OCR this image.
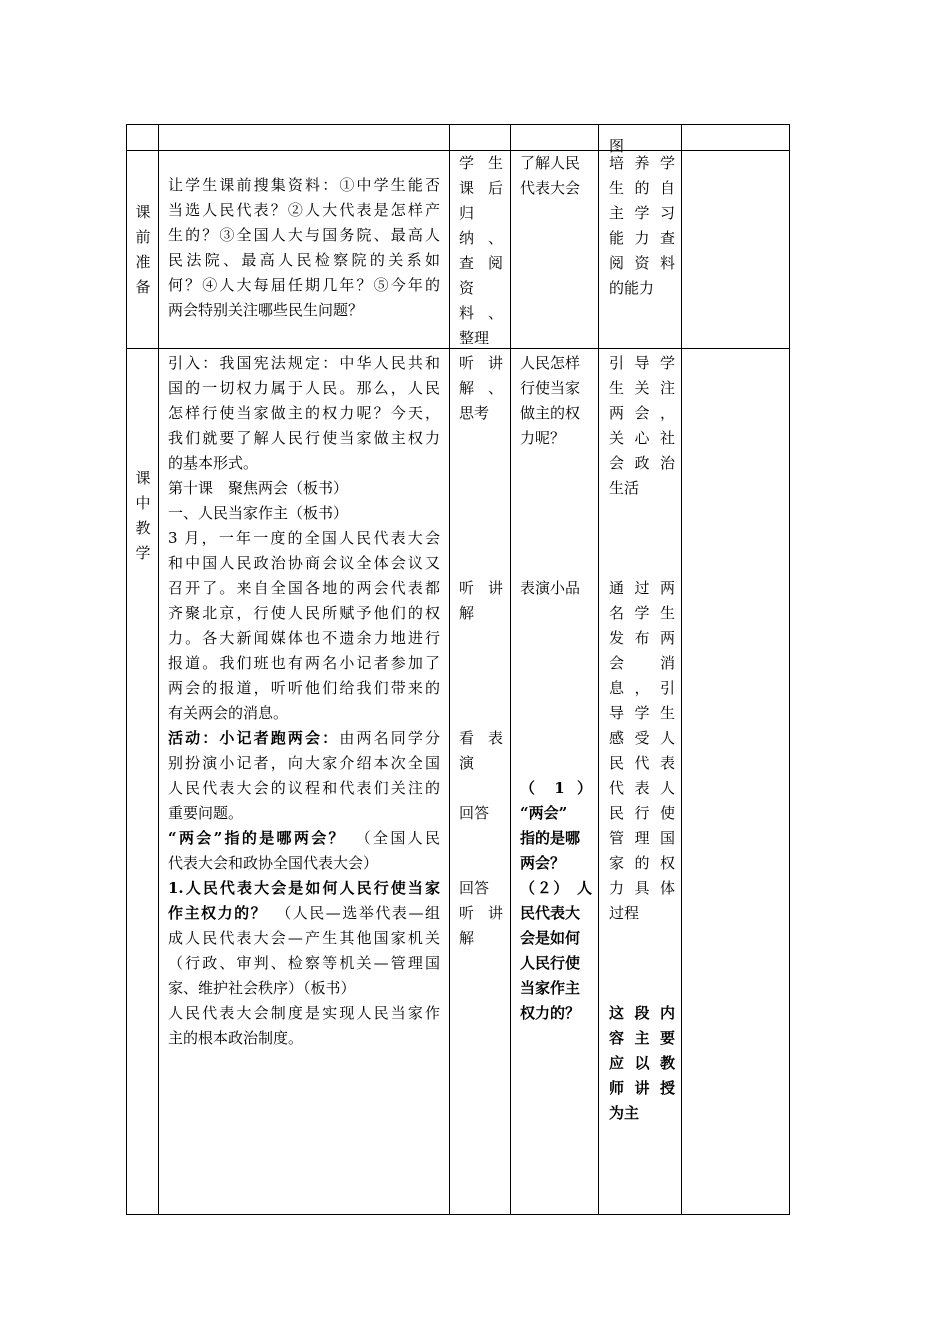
图
课前准备

让学生课前搜集资料：①中学生能否

当选人民代表？②人大代表是怎样产

生的？③全国人大与国务院、最高人

民法院、最高人民检察院的关系如

何？④人大每届任期几年？⑤今年的

两会特别关注哪些民生问题？

学 生

课 后

归

纳 、

查 阅

资

料 、

整理

了解人民

代表大会

培 养 学

生 的 自

主 学 习

能 力 查

阅 资 料

的能力

课中教学

引入：我国宪法规定：中华人民共和

国的一切权力属于人民。那么，人民

怎样行使当家做主的权力呢？今天，

我们就要了解人民行使当家做主权力

的基本形式。

第十课　聚焦两会（板书）

一、人民当家作主（板书）

3 月，一年一度的全国人民代表大会

和中国人民政治协商会议全体会议又

召开了。来自全国各地的两会代表都

齐聚北京，行使人民所赋予他们的权

力。各大新闻媒体也不遗余力地进行

报道。我们班也有两名小记者参加了

两会的报道，听听他们给我们带来的

有关两会的消息。

活动：小记者跑两会：由两名同学分

别扮演小记者，向大家介绍本次全国

人民代表大会的议程和代表们关注的

重要问题。

“两会”指的是哪两会？　（全国人民

代表大会和政协全国代表大会）

1.人民代表大会是如何人民行使当家

作主权力的？　（人民—选举代表—组

成人民代表大会—产生其他国家机关

（行政、审判、检察等机关—管理国

家、维护社会秩序）（板书）

人民代表大会制度是实现人民当家作

主的根本政治制度。

听 讲

解 、

思考

听 讲

解

看 表

演

回答

回答

听 讲

解

人民怎样

行使当家

做主的权

力呢？

表演小品

（ 1 ）

“两会”

指的是哪

两会？

（２） 人

民代表大

会是如何

人民行使

当家作主

权力的？

引 导 学

生 关 注

两 会 ，

关 心 社

会 政 治

生活

通 过 两

名 学 生

发 布 两

会　 消

息 ， 引

导 学 生

感 受 人

民 代 表

代 表 人

民 行 使

管 理 国

家 的 权

力 具 体

过程

这 段 内

容 主 要

应 以 教

师 讲 授

为主
